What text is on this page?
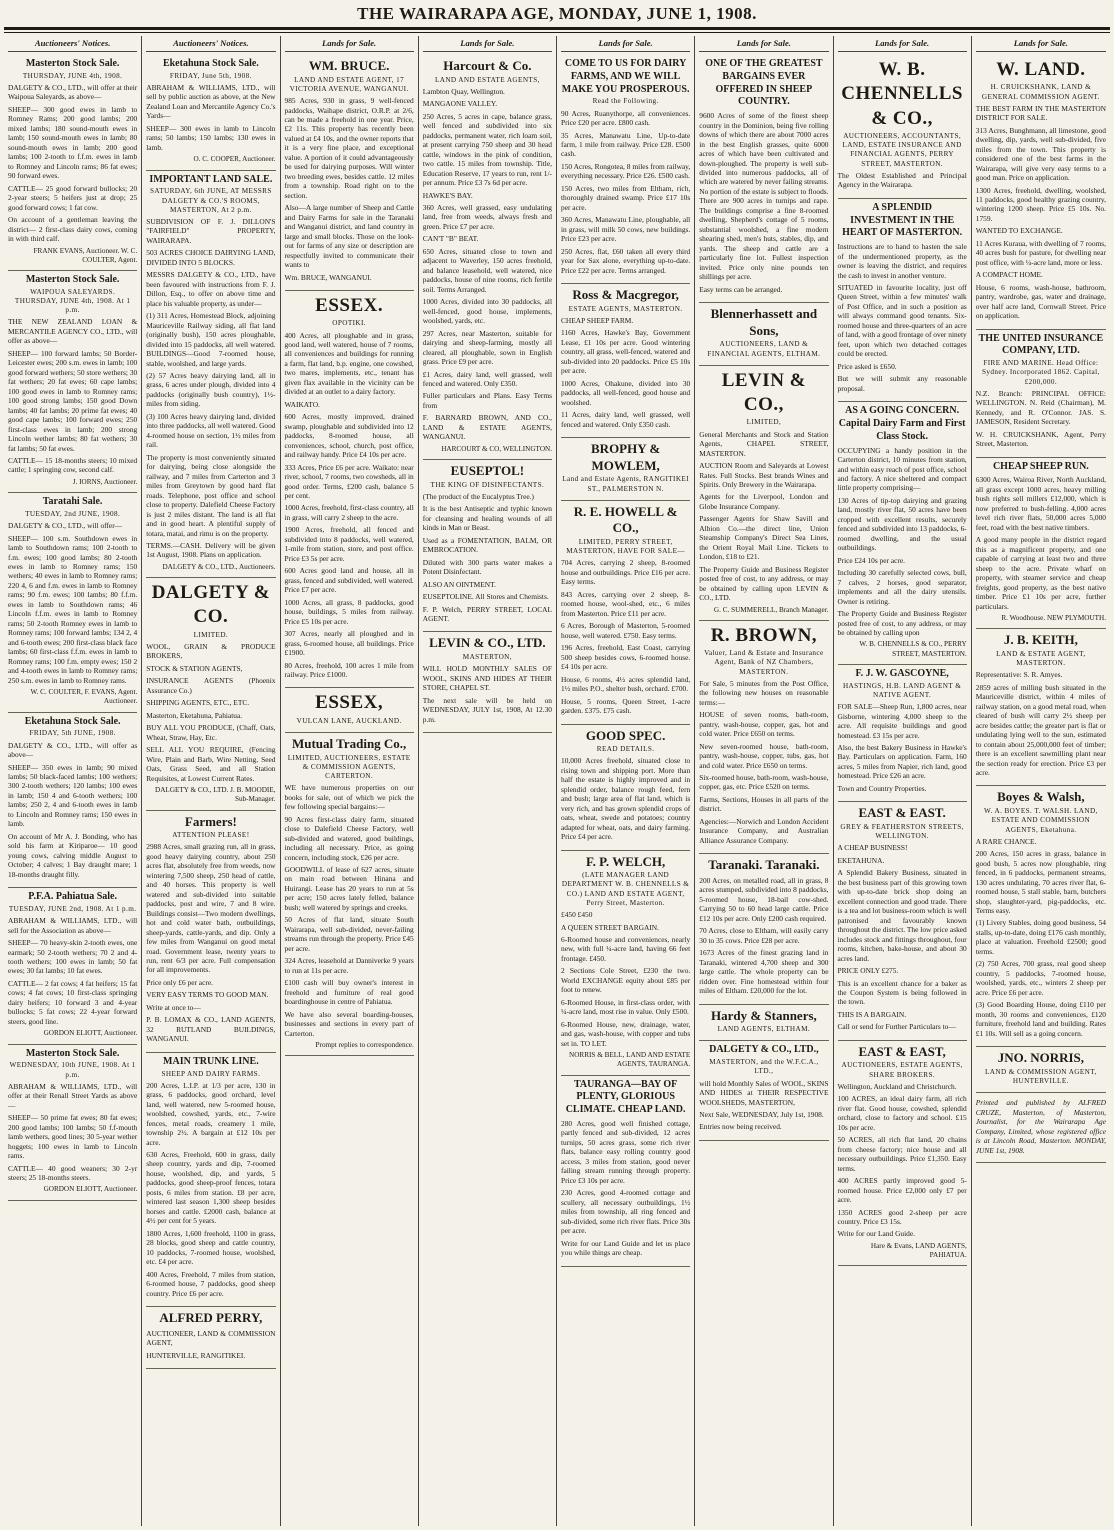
THE WAIRARAPA AGE, MONDAY, JUNE 1, 1908.
Auctioneers' Notices.
Masterton Stock Sale.
THURSDAY, JUNE 4th, 1908.

DALGETY & CO., LTD., will offer at their Waipoua Saleyards, as above—

SHEEP— 300 good ewes in lamb to Romney Rams; 200 good lambs; 200 mixed lambs; 180 sound-mouth ewes in lamb; 150 sound-mouth ewes in lamb; 80 sound-mouth ewes in lamb; 200 good lambs; 100 2-tooth to f.f.m. ewes in lamb to Romney and Lincoln rams; 86 fat ewes; 90 forward ewes.

CATTLE— 25 good forward bullocks; 20 2-year steers; 5 heifers just at drop; 25 good forward cows; 1 fat cow.

On account of a gentleman leaving the district— 2 first-class dairy cows, coming in with third calf.

FRANK EVANS, Auctioneer. W. C. COULTER, Agent.
Masterton Stock Sale.
WAIPOUA SALEYARDS. THURSDAY, JUNE 4th, 1908. At 1 p.m.

THE NEW ZEALAND LOAN & MERCANTILE AGENCY CO., LTD., will offer as above—

SHEEP— 100 forward lambs; 50 Border-Leicester ewes; 200 s.m. ewes in lamb; 100 good forward wethers; 50 store wethers; 30 fat wethers; 20 fat ewes; 60 cape lambs; 100 good ewes in lamb to Romney rams; 100 good strong lambs; 150 good Down lambs; 40 fat lambs; 20 prime fat ewes; 40 good cape lambs; 100 forward ewes; 250 first-class ewes in lamb; 200 strong Lincoln wether lambs; 80 fat wethers; 30 fat lambs; 50 fat ewes.

CATTLE— 15 18-months steers; 10 mixed cattle; 1 springing cow, second calf.

J. IORNS, Auctioneer.
Taratahi Sale.
TUESDAY, 2nd JUNE, 1908.

DALGETY & CO., LTD., will offer—

SHEEP— 100 s.m. Southdown ewes in lamb to Southdown rams; 100 2-tooth to f.m. ewes; 100 good lambs; 80 2-tooth ewes in lamb to Romney rams; 150 wethers; 40 ewes in lamb to Romney rams; 220 4, 6 and f.m. ewes in lamb to Romney rams; 90 f.m. ewes; 100 lambs; 80 f.f.m. ewes in lamb to Southdown rams; 46 Lincoln f.f.m. ewes in lamb to Romney rams; 50 2-tooth Romney ewes in lamb to Romney rams; 100 forward lambs; 134 2, 4 and 6-tooth ewes; 200 first-class black face lambs; 60 first-class f.f.m. ewes in lamb to Romney rams; 100 f.m. empty ewes; 150 2 and 4-tooth ewes in lamb to Romney rams; 250 s.m. ewes in lamb to Romney rams.

W. C. COULTER, F. EVANS, Agent. Auctioneer.
Eketahuna Stock Sale.
FRIDAY, 5th JUNE, 1908.

DALGETY & CO., LTD., will offer as above—

SHEEP— 350 ewes in lamb; 90 mixed lambs; 50 black-faced lambs; 100 wethers; 300 2-tooth wethers; 120 lambs; 100 ewes in lamb; 150 4 and 6-tooth wethers; 100 lambs; 250 2, 4 and 6-tooth ewes in lamb to Lincoln and Romney rams; 150 ewes in lamb.

On account of Mr A. J. Bonding, who has sold his farm at Kiriparoe— 10 good young cows, calving middle August to October; 4 calves; 1 Bay draught mare; 1 18-months draught filly.

P.F.A. Pahiatua Sale.
TUESDAY, JUNE 2nd, 1908. At 1 p.m.

ABRAHAM & WILLIAMS, LTD., will sell for the Association as above—

SHEEP— 70 heavy-skin 2-tooth ewes, one earmark; 50 2-tooth wethers; 70 2 and 4-tooth wethers; 100 ewes in lamb; 50 fat ewes; 30 fat lambs; 10 fat ewes.

CATTLE— 2 fat cows; 4 fat heifers; 15 fat cows; 4 fat cows; 10 first-class springing dairy heifers; 10 forward 3 and 4-year bullocks; 5 fat cows; 22 4-year forward steers, good line.

GORDON ELIOTT, Auctioneer.
Masterton Stock Sale.
WEDNESDAY, 10th JUNE, 1908. At 1 p.m.

ABRAHAM & WILLIAMS, LTD., will offer at their Renall Street Yards as above—

SHEEP— 50 prime fat ewes; 80 fat ewes; 200 good lambs; 100 lambs; 50 f.f-mouth lamb wethers, good lines; 30 5-year wether hoggets; 100 ewes in lamb to Lincoln rams.

CATTLE— 40 good weaners; 30 2-yr steers; 25 18-months steers.

GORDON ELIOTT, Auctioneer.
Auctioneers' Notices.
Eketahuna Stock Sale.
FRIDAY, June 5th, 1908.

ABRAHAM & WILLIAMS, LTD., will sell by public auction as above, at the New Zealand Loan and Mercantile Agency Co.'s Yards—

SHEEP— 300 ewes in lamb to Lincoln rams; 50 lambs; 150 lambs; 130 ewes in lamb.

O. C. COOPER, Auctioneer.
IMPORTANT LAND SALE.
SATURDAY, 6th JUNE, AT MESSRS DALGETY & CO.'S ROOMS, MASTERTON, At 2 p.m.

SUBDIVISION OF F. J. DILLON'S "FAIRFIELD" PROPERTY, WAIRARAPA.

503 ACRES CHOICE DAIRYING LAND, DIVIDED INTO 5 BLOCKS.

MESSRS DALGETY & CO., LTD., have been favoured with instructions from F. J. Dillon, Esq., to offer on above time and place his valuable property, as under—

(1) 311 Acres, Homestead Block, adjoining Mauriceville Railway siding, all flat land (originally bush), 150 acres ploughable, divided into 15 paddocks, all well watered. BUILDINGS—Good 7-roomed house, stable, woolshed, and large yards.

(2) 57 Acres heavy dairying land, all in grass, 6 acres under plough, divided into 4 paddocks (originally bush country), 1½-miles from siding.

(3) 100 Acres heavy dairying land, divided into three paddocks, all well watered. Good 4-roomed house on section, 1½ miles from rail.

The property is most conveniently situated for dairying, being close alongside the railway, and 7 miles from Carterton and 3 miles from Greytown by good hard flat roads. Telephone, post office and school close to property. Dalefield Cheese Factory is just 2 miles distant. The land is all flat and in good heart. A plentiful supply of totara, matai, and rimu is on the property.

TERMS.—CASH. Delivery will be given 1st August, 1908. Plans on application.

DALGETY & CO., LTD., Auctioneers.
DALGETY & CO.
LIMITED.

WOOL, GRAIN & PRODUCE BROKERS,

STOCK & STATION AGENTS,

INSURANCE AGENTS (Phoenix Assurance Co.)

SHIPPING AGENTS, ETC., ETC.

Masterton, Eketahuna, Pahiatua.

BUY ALL YOU PRODUCE, (Chaff, Oats, Wheat, Straw, Hay, Etc.

SELL ALL YOU REQUIRE, (Fencing Wire, Plain and Barb, Wire Netting, Seed Oats, Grass Seed, and all Station Requisites, at Lowest Current Rates.

DALGETY & CO., LTD. J. B. MOODIE, Sub-Manager.
Farmers!
ATTENTION PLEASE!

2988 Acres, small grazing run, all in grass, good heavy dairying country, about 250 acres flat, absolutely free from weeds, now wintering 7,500 sheep, 250 head of cattle, and 40 horses. This property is well watered and sub-divided into suitable paddocks, post and wire, 7 and 8 wire. Buildings consist—Two modern dwellings, hot and cold water bath, outbuildings, sheep-yards, cattle-yards, and dip. Only a few miles from Wanganui on good metal road. Government lease, twenty years to run, rent 6/3 per acre. Full compensation for all improvements.

Price only £6 per acre.

VERY EASY TERMS TO GOOD MAN.

Write at once to—

P. B. LOMAX & CO., LAND AGENTS, 32 RUTLAND BUILDINGS, WANGANUI.

MAIN TRUNK LINE.
SHEEP AND DAIRY FARMS.

200 Acres, L.I.P. at 1/3 per acre, 130 in grass, 6 paddocks, good orchard, level land, well watered, new 5-roomed house, woolshed, cowshed, yards, etc., 7-wire fences, metal roads, creamery 1 mile, township 2½. A bargain at £12 10s per acre.

630 Acres, Freehold, 600 in grass, daily sheep country, yards and dip, 7-roomed house, woolshed, dip, and yards, 5 paddocks, good sheep-proof fences, totara posts, 6 miles from station. £8 per acre, wintered last season 1,300 sheep besides horses and cattle. £2000 cash, balance at 4½ per cent for 5 years.

1800 Acres, 1,600 freehold, 1100 in grass, 28 blocks, good sheep and cattle country, 10 paddocks, 7-roomed house, woolshed, etc. £4 per acre.

400 Acres, Freehold, 7 miles from station, 6-roomed house, 7 paddocks, good sheep country. Price £6 per acre.

ALFRED PERRY,

AUCTIONEER, LAND & COMMISSION AGENT,

HUNTERVILLE, RANGITIKEI.

Lands for Sale.
WM. BRUCE.
LAND AND ESTATE AGENT, 17 VICTORIA AVENUE, WANGANUI.

985 Acres, 930 in grass, 9 well-fenced paddocks, Waihape district, O.R.P. at 2/6, can be made a freehold in one year. Price, £2 11s. This property has recently been valued at £4 10s, and the owner reports that it is a very fine place, and exceptional value. A portion of it could advantageously be used for dairying purposes. Will winter two breeding ewes, besides cattle. 12 miles from a township. Road right on to the section.

Also—A large number of Sheep and Cattle and Dairy Farms for sale in the Taranaki and Wanganui district, and land country in large and small blocks. Those on the look-out for farms of any size or description are respectfully invited to communicate their wants to

Wm. BRUCE, WANGANUI.

ESSEX.
OPOTIKI.

400 Acres, all ploughable and in grass, good land, well watered, house of 7 rooms, all conveniences and buildings for running a farm, flat land, b.p. engine, one cowshed, two mares, implements, etc., tenant has given flax available in the vicinity can be divided at an outlet to a dairy factory.

WAIKATO.

600 Acres, mostly improved, drained swamp, ploughable and subdivided into 12 paddocks, 8-roomed house, all conveniences, school, church, post office, and railway handy. Price £4 10s per acre.

333 Acres, Price £6 per acre. Waikato: near river, school, 7 rooms, two cowsheds, all in good order. Terms, £200 cash, balance 5 per cent.

1000 Acres, freehold, first-class country, all in grass, will carry 2 sheep to the acre.

1900 Acres, freehold, all fenced and subdivided into 8 paddocks, well watered, 1-mile from station, store, and post office. Price £3 5s per acre.

600 Acres good land and house, all in grass, fenced and subdivided, well watered. Price £7 per acre.

1000 Acres, all grass, 8 paddocks, good house, buildings, 5 miles from railway. Price £5 10s per acre.

307 Acres, nearly all ploughed and in grass, 6-roomed house, all buildings. Price £1900.

80 Acres, freehold, 100 acres 1 mile from railway. Price £1000.

ESSEX,
VULCAN LANE, AUCKLAND.
Mutual Trading Co.,
LIMITED, AUCTIONEERS, ESTATE & COMMISSION AGENTS, CARTERTON.

WE have numerous properties on our books for sale, out of which we pick the few following special bargains:—

90 Acres first-class dairy farm, situated close to Dalefield Cheese Factory, well sub-divided and watered, good buildings, including all necessary. Price, as going concern, including stock, £26 per acre.

GOODWILL of lease of 627 acres, situate on main road between Hinana and Huirangi. Lease has 20 years to run at 5s per acre; 150 acres lately felled, balance bush; well watered by springs and creeks.

50 Acres of flat land, situate South Wairarapa, well sub-divided, never-failing streams run through the property. Price £45 per acre.

324 Acres, leasehold at Danniverke 9 years to run at 11s per acre.

£100 cash will buy owner's interest in freehold and furniture of real good boardinghouse in centre of Pahiatua.

We have also several boarding-houses, businesses and sections in every part of Carterton.

Prompt replies to correspondence.
Lands for Sale.
Harcourt & Co.
LAND AND ESTATE AGENTS,

Lambton Quay, Wellington.

MANGAONE VALLEY.

250 Acres, 5 acres in cape, balance grass, well fenced and subdivided into six paddocks, permanent water, rich loam soil, at present carrying 750 sheep and 30 head cattle, windows in the pink of condition, two cattle. 15 miles from township. Title, Education Reserve, 17 years to run, rent 1/- per annum. Price £3 7s 6d per acre.

HAWKE'S BAY.

360 Acres, well grassed, easy undulating land, free from weeds, always fresh and green. Price £7 per acre.

CAN'T "B" BEAT.

650 Acres, situated close to town and adjacent to Waverley, 150 acres freehold, and balance leasehold, well watered, nice paddocks, house of nine rooms, rich fertile soil. Terms Arranged.

1000 Acres, divided into 30 paddocks, all well-fenced, good house, implements, woolshed, yards, etc.

297 Acres, near Masterton, suitable for dairying and sheep-farming, mostly all cleared, all ploughable, sown in English grass. Price £9 per acre.

£1 Acres, dairy land, well grassed, well fenced and watered. Only £350.

Fuller particulars and Plans. Easy Terms from

F. BARNARD BROWN, AND CO., LAND & ESTATE AGENTS, WANGANUI.

HARCOURT & CO, WELLINGTON.
EUSEPTOL!
THE KING OF DISINFECTANTS.

(The product of the Eucalyptus Tree.)

It is the best Antiseptic and typhic known for cleansing and healing wounds of all kinds in Man or Beast.

Used as a FOMENTATION, BALM, OR EMBROCATION.

Diluted with 300 parts water makes a Potent Disinfectant.

ALSO AN OINTMENT.

EUSEPTOLINE. All Stores and Chemists.

F. P. Welch, PERRY STREET, LOCAL AGENT.

LEVIN & CO., LTD.
MASTERTON,

WILL HOLD MONTHLY SALES OF WOOL, SKINS AND HIDES AT THEIR STORE, CHAPEL ST.

The next sale will be held on WEDNESDAY, JULY 1st, 1908, At 12.30 p.m.

Lands for Sale.
COME TO US FOR DAIRY FARMS, AND WE WILL MAKE YOU PROSPEROUS.
Read the Following.

90 Acres, Ruanythorpe, all conveniences. Price £20 per acre. £800 cash.

35 Acres, Manawatu Line, Up-to-date farm, 1 mile from railway. Price £28. £500 cash.

150 Acres, Rongotea, 8 miles from railway, everything necessary. Price £26. £500 cash.

150 Acres, two miles from Eltham, rich, thoroughly drained swamp. Price £17 10s per acre.

360 Acres, Manawatu Line, ploughable, all in grass, will milk 50 cows, new buildings. Price £23 per acre.

250 Acres, flat, £60 taken all every third year for Sax alone, everything up-to-date. Price £22 per acre. Terms arranged.

Ross & Macgregor,
ESTATE AGENTS, MASTERTON.

CHEAP SHEEP FARM.

1160 Acres, Hawke's Bay, Government Lease, £1 10s per acre. Good wintering country, all grass, well-fenced, watered and sub-divided into 20 paddocks. Price £5 10s per acre.

1000 Acres, Ohakune, divided into 30 paddocks, all well-fenced, good house and woolshed.

11 Acres, dairy land, well grassed, well fenced and watered. Only £350 cash.

BROPHY & MOWLEM,
Land and Estate Agents, RANGITIKEI ST., PALMERSTON N.
R. E. HOWELL & CO.,
LIMITED, PERRY STREET, MASTERTON, HAVE FOR SALE—

704 Acres, carrying 2 sheep, 8-roomed house and outbuildings. Price £16 per acre. Easy terms.

843 Acres, carrying over 2 sheep, 8-roomed house, wool-shed, etc., 6 miles from Masterton. Price £11 per acre.

6 Acres, Borough of Masterton, 5-roomed house, well watered. £750. Easy terms.

196 Acres, freehold, East Coast, carrying 500 sheep besides cows, 6-roomed house. £4 10s per acre.

House, 6 rooms, 4½ acres splendid land, 1½ miles P.O., shelter bush, orchard. £700.

House, 5 rooms, Queen Street, 1-acre garden. £375. £75 cash.

GOOD SPEC.
READ DETAILS.

10,000 Acres freehold, situated close to rising town and shipping port. More than half the estate is highly improved and in splendid order, balance rough feed, fern and bush; large area of flat land, which is very rich, and has grown splendid crops of oats, wheat, swede and potatoes; country adapted for wheat, oats, and dairy farming. Price £4 per acre.

F. P. WELCH,
(LATE MANAGER LAND DEPARTMENT W. B. CHENNELLS & CO.) LAND AND ESTATE AGENT, Perry Street, Masterton.

£450 £450

A QUEEN STREET BARGAIN.

6-Roomed house and conveniences, nearly new, with full ¼-acre land, having 66 feet frontage. £450.

2 Sections Cole Street, £230 the two. World EXCHANGE equity about £85 per foot to renew.

6-Roomed House, in first-class order, with ¼-acre land, most rise in value. Only £500.

6-Roomed House, new, drainage, water, and gas, wash-house, with copper and tubs set in. TO LET.

NORRIS & BELL, LAND AND ESTATE AGENTS, TAURANGA.
TAURANGA—BAY OF PLENTY, GLORIOUS CLIMATE. CHEAP LAND.

280 Acres, good well finished cottage, partly fenced and sub-divided, 12 acres turnips, 50 acres grass, some rich river flats, balance easy rolling country good access, 3 miles from station, good never failing stream running through property. Price £3 10s per acre.

230 Acres, good 4-roomed cottage and scullery, all necessary outbuildings, 1½ miles from township, all ring fenced and sub-divided, some rich river flats. Price 30s per acre.

Write for our Land Guide and let us place you while things are cheap.

Lands for Sale.
ONE OF THE GREATEST BARGAINS EVER OFFERED IN SHEEP COUNTRY.

9600 Acres of some of the finest sheep country in the Dominion, being five rolling downs of which there are about 7000 acres in the best English grasses, quite 6000 acres of which have been cultivated and down-ploughed. The property is well sub-divided into numerous paddocks, all of which are watered by never failing streams. No portion of the estate is subject to floods. There are 900 acres in turnips and rape. The buildings comprise a fine 8-roomed dwelling, Shepherd's cottage of 5 rooms, substantial woolshed, a fine modern shearing shed, men's huts, stables, dip, and yards. The sheep and cattle are a particularly fine lot. Fullest inspection invited. Price only nine pounds ten shillings per acre.

Easy terms can be arranged.

Blennerhassett and Sons,
AUCTIONEERS, LAND & FINANCIAL AGENTS, ELTHAM.
LEVIN & CO.,
LIMITED,

General Merchants and Stock and Station Agents, CHAPEL STREET, MASTERTON.

AUCTION Room and Saleyards at Lowest Rates. Full Stocks. Best brands Wines and Spirits. Only Brewery in the Wairarapa.

Agents for the Liverpool, London and Globe Insurance Company.

Passenger Agents for Shaw Savill and Albion Co.—the direct line, Union Steamship Company's Direct Sea Lines, the Orient Royal Mail Line. Tickets to London, £18 to £21.

The Property Guide and Business Register posted free of cost, to any address, or may be obtained by calling upon LEVIN & CO., LTD.

G. C. SUMMERELL, Branch Manager.
R. BROWN,
Valuer, Land & Estate and Insurance Agent, Bank of NZ Chambers, MASTERTON.

For Sale, 5 minutes from the Post Office, the following new houses on reasonable terms:—

HOUSE of seven rooms, bath-room, pantry, wash-house, copper, gas, hot and cold water. Price £650 on terms.

New seven-roomed house, bath-room, pantry, wash-house, copper, tubs, gas, hot and cold water. Price £650 on terms.

Six-roomed house, bath-room, wash-house, copper, gas, etc. Price £520 on terms.

Farms, Sections, Houses in all parts of the district.

Agencies:—Norwich and London Accident Insurance Company, and Australian Alliance Assurance Company.

Taranaki. Taranaki.

200 Acres, on metalled road, all in grass, 8 acres stumped, subdivided into 8 paddocks, 5-roomed house, 18-bail cow-shed. Carrying 50 to 60 head large cattle. Price £12 10s per acre. Only £200 cash required.

70 Acres, close to Eltham, will easily carry 30 to 35 cows. Price £28 per acre.

1673 Acres of the finest grazing land in Taranaki, wintered 4,700 sheep and 300 large cattle. The whole property can be ridden over. Fine homestead within four miles of Eltham. £20,000 for the lot.

Hardy & Stanners,
LAND AGENTS, ELTHAM.
DALGETY & CO., LTD.,
MASTERTON, and the W.F.C.A., LTD.,

will hold Monthly Sales of WOOL, SKINS AND HIDES at THEIR RESPECTIVE WOOLSHEDS, MASTERTON,

Next Sale, WEDNESDAY, July 1st, 1908.

Entries now being received.

Lands for Sale.
W. B. CHENNELLS & CO.,
AUCTIONEERS, ACCOUNTANTS, LAND, ESTATE INSURANCE AND FINANCIAL AGENTS, PERRY STREET, MASTERTON.

The Oldest Established and Principal Agency in the Wairarapa.

A SPLENDID INVESTMENT IN THE HEART OF MASTERTON.

Instructions are to hand to hasten the sale of the undermentioned property, as the owner is leaving the district, and requires the cash to invest in another venture.

SITUATED in favourite locality, just off Queen Street, within a few minutes' walk of Post Office, and in such a position as will always command good tenants. Six-roomed house and three-quarters of an acre of land, with a good frontage of over ninety feet, upon which two detached cottages could be erected.

Price asked is £650.

But we will submit any reasonable proposal.

AS A GOING CONCERN. Capital Dairy Farm and First Class Stock.

OCCUPYING a handy position in the Carterton district, 10 minutes from station, and within easy reach of post office, school and factory. A nice sheltered and compact little property comprising—

130 Acres of tip-top dairying and grazing land, mostly river flat, 50 acres have been cropped with excellent results, securely fenced and subdivided into 13 paddocks, 6-roomed dwelling, and the usual outbuildings.

Price £24 10s per acre.

Including 30 carefully selected cows, bull, 7 calves, 2 horses, good separator, implements and all the dairy utensils. Owner is retiring.

The Property Guide and Business Register posted free of cost, to any address, or may be obtained by calling upon

W. B. CHENNELLS & CO., PERRY STREET, MASTERTON.
F. J. W. GASCOYNE,
HASTINGS, H.B. LAND AGENT & NATIVE AGENT.

FOR SALE—Sheep Run, 1,800 acres, near Gisborne, wintering 4,000 sheep to the acre. All requisite buildings and good homestead. £3 15s per acre.

Also, the best Bakery Business in Hawke's Bay. Particulars on application. Farm, 160 acres, 5 miles from Napier, rich land, good homestead. Price £26 an acre.

Town and Country Properties.

EAST & EAST.
GREY & FEATHERSTON STREETS, WELLINGTON.

A CHEAP BUSINESS!

EKETAHUNA.

A Splendid Bakery Business, situated in the best business part of this growing town with up-to-date brick shop doing an excellent connection and good trade. There is a tea and lot business-room which is well patronised and favourably known throughout the district. The low price asked includes stock and fittings throughout, four rooms, kitchen, bake-house, and about 30 acres land.

PRICE ONLY £275.

This is an excellent chance for a baker as the Coupon System is being followed in the town.

THIS IS A BARGAIN.

Call or send for Further Particulars to—

EAST & EAST,
AUCTIONEERS, ESTATE AGENTS, SHARE BROKERS.

Wellington, Auckland and Christchurch.

100 ACRES, an ideal dairy farm, all rich river flat. Good house, cowshed, splendid orchard, close to factory and school. £15 10s per acre.

50 ACRES, all rich flat land, 20 chains from cheese factory; nice house and all necessary outbuildings. Price £1,350. Easy terms.

400 ACRES partly improved good 5-roomed house. Price £2,000 only £7 per acre.

1350 ACRES good 2-sheep per acre country. Price £3 15s.

Write for our Land Guide.

Hare & Evans, LAND AGENTS, PAHIATUA.
Lands for Sale.
W. LAND.
H. CRUICKSHANK, LAND & GENERAL COMMISSION AGENT.

THE BEST FARM IN THE MASTERTON DISTRICT FOR SALE.

313 Acres, Bunghmann, all limestone, good dwelling, dip, yards, well sub-divided, five miles from the town. This property is considered one of the best farms in the Wairarapa, will give very easy terms to a good man. Price on application.

1300 Acres, freehold, dwelling, woolshed, 11 paddocks, good healthy grazing country, wintering 1200 sheep. Price £5 10s. No. 1759.

WANTED TO EXCHANGE.

11 Acres Kuraua, with dwelling of 7 rooms, 40 acres bush for pasture, for dwelling near post office, with ¼-acre land, more or less.

A COMPACT HOME.

House, 6 rooms, wash-house, bathroom, pantry, wardrobe, gas, water and drainage, over half acre land, Cornwall Street. Price on application.

THE UNITED INSURANCE COMPANY, LTD.
FIRE AND MARINE. Head Office: Sydney. Incorporated 1862. Capital, £200,000.

N.Z. Branch: PRINCIPAL OFFICE: WELLINGTON. N. Reid (Chairman), M. Kennedy, and R. O'Connor. JAS. S. JAMESON, Resident Secretary.

W. H. CRUICKSHANK, Agent, Perry Street, Masterton.

CHEAP SHEEP RUN.

6300 Acres, Wairoa River, North Auckland, all grass except 1000 acres, heavy milling bush rights sell millers £12,000, which is now preferred to bush-felling. 4,000 acres level rich river flats, 50,000 acres 5,000 feet, road with the best native timbers.

A good many people in the district regard this as a magnificent property, and one capable of carrying at least two and three sheep to the acre. Private wharf on property, with steamer service and cheap freights, good property, as the best native timber. Price £1 10s per acre, further particulars.

R. Woodhouse. NEW PLYMOUTH.
J. B. KEITH,
LAND & ESTATE AGENT, MASTERTON.

Representative: S. R. Amyes.

2859 acres of milling bush situated in the Mauriceville district, within 4 miles of railway station, on a good metal road, when cleared of bush will carry 2½ sheep per acre besides cattle; the greater part is flat or undulating lying well to the sun, estimated to contain about 25,000,000 feet of timber; there is an excellent sawmilling plant near the section ready for erection. Price £3 per acre.

Boyes & Walsh,
W. A. BOYES. T. WALSH. LAND, ESTATE AND COMMISSION AGENTS, Eketahuna.

A RARE CHANCE.

200 Acres, 150 acres in grass, balance in good bush, 5 acres now ploughable, ring fenced, in 6 paddocks, permanent streams, 130 acres undulating, 70 acres river flat, 6-roomed house, 5 stall stable, barn, butchers shop, slaughter-yard, pig-paddocks, etc. Terms easy.

(1) Livery Stables, doing good business, 54 stalls, up-to-date, doing £176 cash monthly, place at valuation. Freehold £2500; good terms.

(2) 750 Acres, 700 grass, real good sheep country, 5 paddocks, 7-roomed house, woolshed, yards, etc., winters 2 sheep per acre. Price £6 per acre.

(3) Good Boarding House, doing £110 per month, 30 rooms and conveniences, £120 furniture, freehold land and building. Rates £1 10s. Will sell as a going concern.

JNO. NORRIS,
LAND & COMMISSION AGENT, HUNTERVILLE.
Printed and published by ALFRED CRUZE, Masterton, of Masterton, Journalist, for the Wairarapa Age Company, Limited, whose registered office is at Lincoln Road, Masterton. MONDAY, JUNE 1st, 1908.
